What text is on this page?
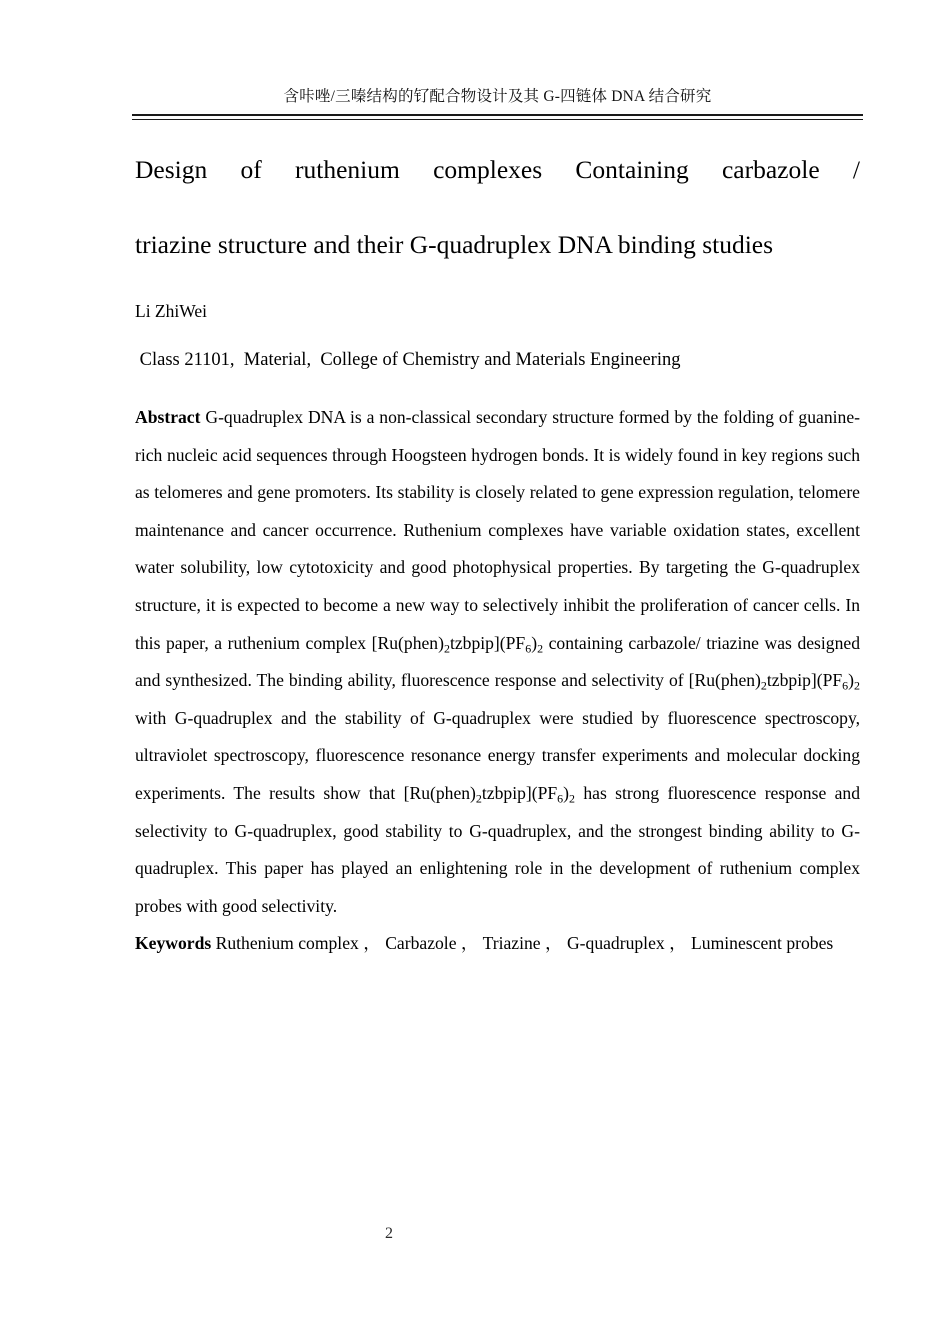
含咔唑/三嗪结构的钌配合物设计及其 G-四链体 DNA 结合研究
Design of ruthenium complexes Containing carbazole /
triazine structure and their G-quadruplex DNA binding studies

Li ZhiWei

Class 21101,  Material,  College of Chemistry and Materials Engineering

Abstract G-quadruplex DNA is a non-classical secondary structure formed by the folding of guanine-rich nucleic acid sequences through Hoogsteen hydrogen bonds. It is widely found in key regions such as telomeres and gene promoters. Its stability is closely related to gene expression regulation, telomere maintenance and cancer occurrence. Ruthenium complexes have variable oxidation states, excellent water solubility, low cytotoxicity and good photophysical properties. By targeting the G-quadruplex structure, it is expected to become a new way to selectively inhibit the proliferation of cancer cells. In this paper, a ruthenium complex $[Ru(phen)_2tzbpip](PF_6)_2$ containing carbazole/ triazine was designed and synthesized. The binding ability, fluorescence response and selectivity of $[Ru(phen)_2tzbpip](PF_6)_2$ with G-quadruplex and the stability of G-quadruplex were studied by fluorescence spectroscopy, ultraviolet spectroscopy, fluorescence resonance energy transfer experiments and molecular docking experiments. The results show that $[Ru(phen)_2tzbpip](PF_6)_2$ has strong fluorescence response and selectivity to G-quadruplex, good stability to G-quadruplex, and the strongest binding ability to G-quadruplex. This paper has played an enlightening role in the development of ruthenium complex probes with good selectivity.

Keywords Ruthenium complex ， Carbazole ， Triazine ， G-quadruplex ， Luminescent probes

2
